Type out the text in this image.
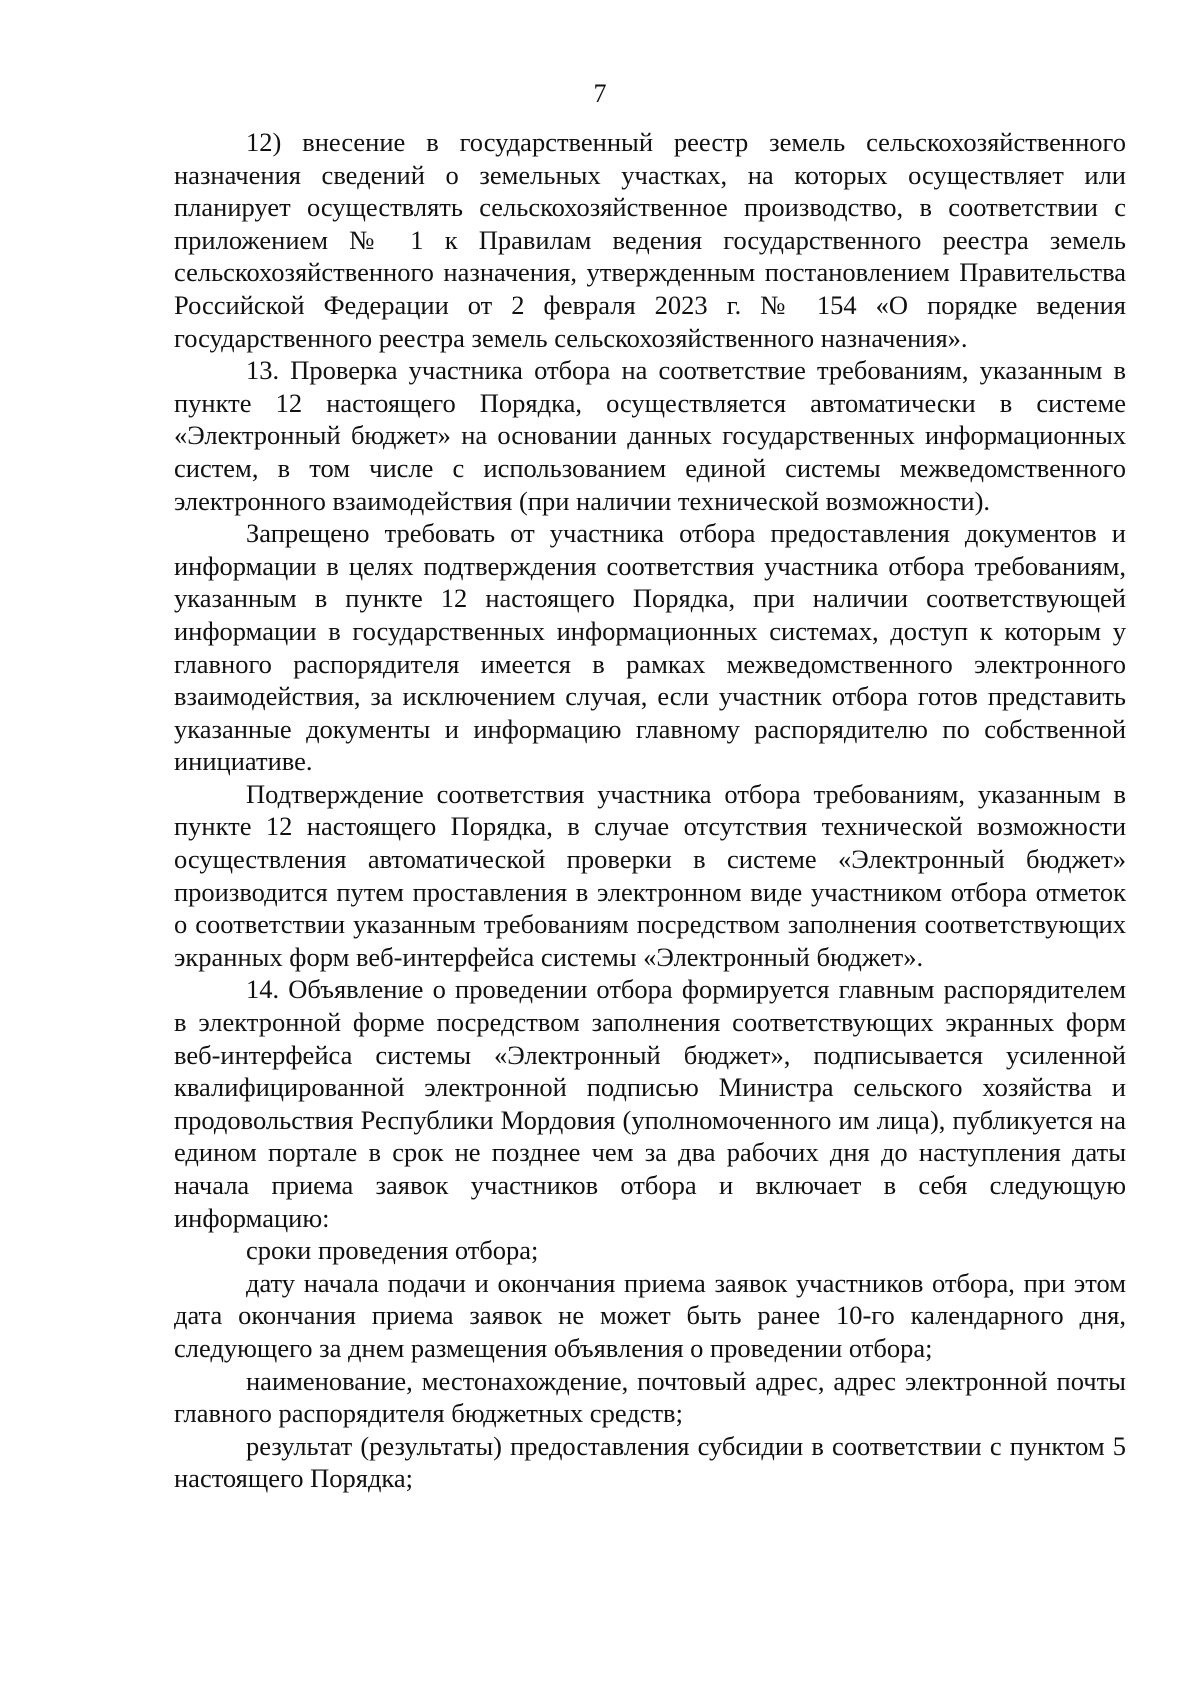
7

12) внесение в государственный реестр земель сельскохозяйственного назначения сведений о земельных участках, на которых осуществляет или планирует осуществлять сельскохозяйственное производство, в соответствии с приложением № 1 к Правилам ведения государственного реестра земель сельскохозяйственного назначения, утвержденным постановлением Правительства Российской Федерации от 2 февраля 2023 г. № 154 «О порядке ведения государственного реестра земель сельскохозяйственного назначения».

13. Проверка участника отбора на соответствие требованиям, указанным в пункте 12 настоящего Порядка, осуществляется автоматически в системе «Электронный бюджет» на основании данных государственных информационных систем, в том числе с использованием единой системы межведомственного электронного взаимодействия (при наличии технической возможности).

Запрещено требовать от участника отбора предоставления документов и информации в целях подтверждения соответствия участника отбора требованиям, указанным в пункте 12 настоящего Порядка, при наличии соответствующей информации в государственных информационных системах, доступ к которым у главного распорядителя имеется в рамках межведомственного электронного взаимодействия, за исключением случая, если участник отбора готов представить указанные документы и информацию главному распорядителю по собственной инициативе.

Подтверждение соответствия участника отбора требованиям, указанным в пункте 12 настоящего Порядка, в случае отсутствия технической возможности осуществления автоматической проверки в системе «Электронный бюджет» производится путем проставления в электронном виде участником отбора отметок о соответствии указанным требованиям посредством заполнения соответствующих экранных форм веб-интерфейса системы «Электронный бюджет».

14. Объявление о проведении отбора формируется главным распорядителем в электронной форме посредством заполнения соответствующих экранных форм веб-интерфейса системы «Электронный бюджет», подписывается усиленной квалифицированной электронной подписью Министра сельского хозяйства и продовольствия Республики Мордовия (уполномоченного им лица), публикуется на едином портале в срок не позднее чем за два рабочих дня до наступления даты начала приема заявок участников отбора и включает в себя следующую информацию:

сроки проведения отбора;

дату начала подачи и окончания приема заявок участников отбора, при этом дата окончания приема заявок не может быть ранее 10-го календарного дня, следующего за днем размещения объявления о проведении отбора;

наименование, местонахождение, почтовый адрес, адрес электронной почты главного распорядителя бюджетных средств;

результат (результаты) предоставления субсидии в соответствии с пунктом 5 настоящего Порядка;
